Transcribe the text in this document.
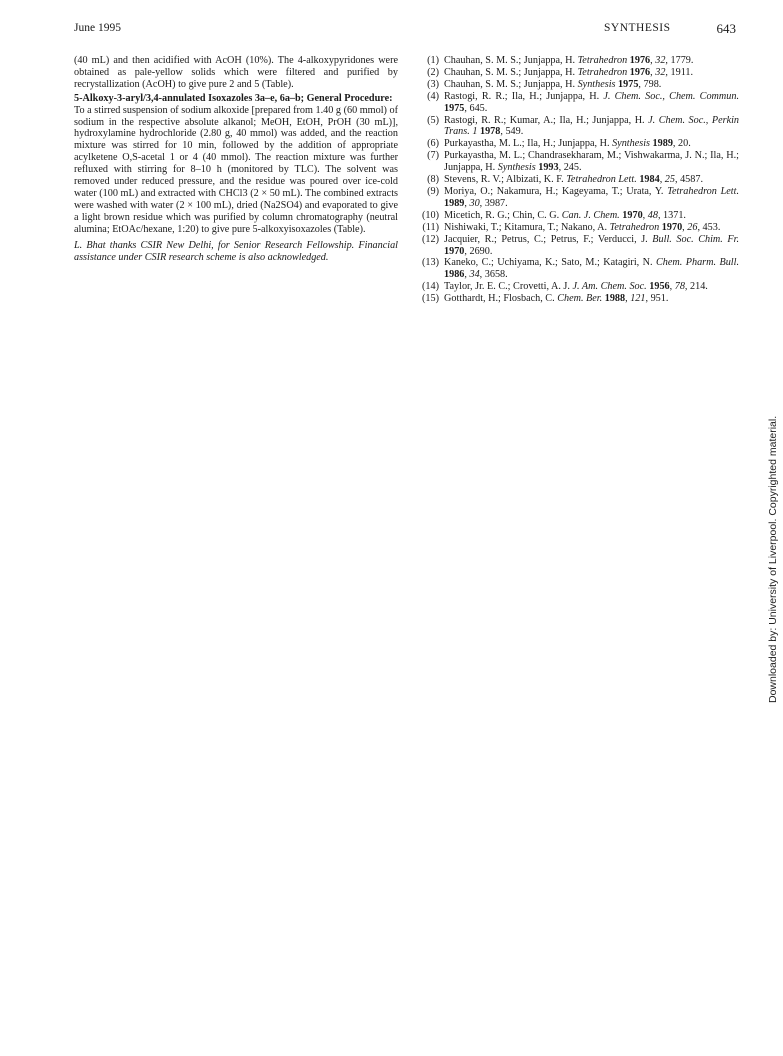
June 1995	SYNTHESIS	643

(40 mL) and then acidified with AcOH (10%). The 4-alkoxypyridones were obtained as pale-yellow solids which were filtered and purified by recrystallization (AcOH) to give pure 2 and 5 (Table).

5-Alkoxy-3-aryl/3,4-annulated Isoxazoles 3a–e, 6a–b; General Procedure:

To a stirred suspension of sodium alkoxide [prepared from 1.40 g (60 mmol) of sodium in the respective absolute alkanol; MeOH, EtOH, PrOH (30 mL)], hydroxylamine hydrochloride (2.80 g, 40 mmol) was added, and the reaction mixture was stirred for 10 min, followed by the addition of appropriate acylketene O,S-acetal 1 or 4 (40 mmol). The reaction mixture was further refluxed with stirring for 8–10 h (monitored by TLC). The solvent was removed under reduced pressure, and the residue was poured over ice-cold water (100 mL) and extracted with CHCl3 (2 × 50 mL). The combined extracts were washed with water (2 × 100 mL), dried (Na2SO4) and evaporated to give a light brown residue which was purified by column chromatography (neutral alumina; EtOAc/hexane, 1:20) to give pure 5-alkoxyisoxazoles (Table).

L. Bhat thanks CSIR New Delhi, for Senior Research Fellowship. Financial assistance under CSIR research scheme is also acknowledged.

(1) Chauhan, S. M. S.; Junjappa, H. Tetrahedron 1976, 32, 1779.
(2) Chauhan, S. M. S.; Junjappa, H. Tetrahedron 1976, 32, 1911.
(3) Chauhan, S. M. S.; Junjappa, H. Synthesis 1975, 798.
(4) Rastogi, R. R.; Ila, H.; Junjappa, H. J. Chem. Soc., Chem. Commun. 1975, 645.
(5) Rastogi, R. R.; Kumar, A.; Ila, H.; Junjappa, H. J. Chem. Soc., Perkin Trans. 1 1978, 549.
(6) Purkayastha, M. L.; Ila, H.; Junjappa, H. Synthesis 1989, 20.
(7) Purkayastha, M. L.; Chandrasekharam, M.; Vishwakarma, J. N.; Ila, H.; Junjappa, H. Synthesis 1993, 245.
(8) Stevens, R. V.; Albizati, K. F. Tetrahedron Lett. 1984, 25, 4587.
(9) Moriya, O.; Nakamura, H.; Kageyama, T.; Urata, Y. Tetrahedron Lett. 1989, 30, 3987.
(10) Micetich, R. G.; Chin, C. G. Can. J. Chem. 1970, 48, 1371.
(11) Nishiwaki, T.; Kitamura, T.; Nakano, A. Tetrahedron 1970, 26, 453.
(12) Jacquier, R.; Petrus, C.; Petrus, F.; Verducci, J. Bull. Soc. Chim. Fr. 1970, 2690.
(13) Kaneko, C.; Uchiyama, K.; Sato, M.; Katagiri, N. Chem. Pharm. Bull. 1986, 34, 3658.
(14) Taylor, Jr. E. C.; Crovetti, A. J. J. Am. Chem. Soc. 1956, 78, 214.
(15) Gotthardt, H.; Flosbach, C. Chem. Ber. 1988, 121, 951.
Downloaded by: University of Liverpool. Copyrighted material.
